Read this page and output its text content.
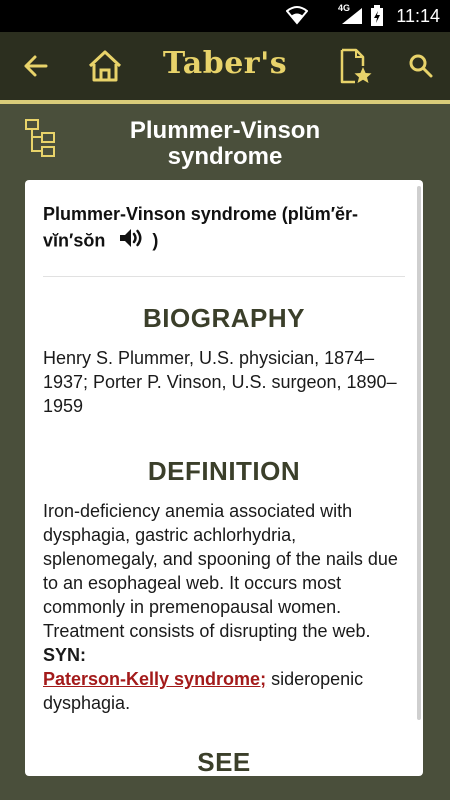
4G	11:14
Taber's
Plummer-Vinson syndrome
Plummer-Vinson syndrome (plŭm′ĕr-vĭn′sŏn	)
BIOGRAPHY
Henry S. Plummer, U.S. physician, 1874–1937; Porter P. Vinson, U.S. surgeon, 1890–1959
DEFINITION
Iron-deficiency anemia associated with dysphagia, gastric achlorhydria, splenomegaly, and spooning of the nails due to an esophageal web. It occurs most commonly in premenopausal women. Treatment consists of disrupting the web. SYN:
Paterson-Kelly syndrome; sideropenic dysphagia.
SEE
